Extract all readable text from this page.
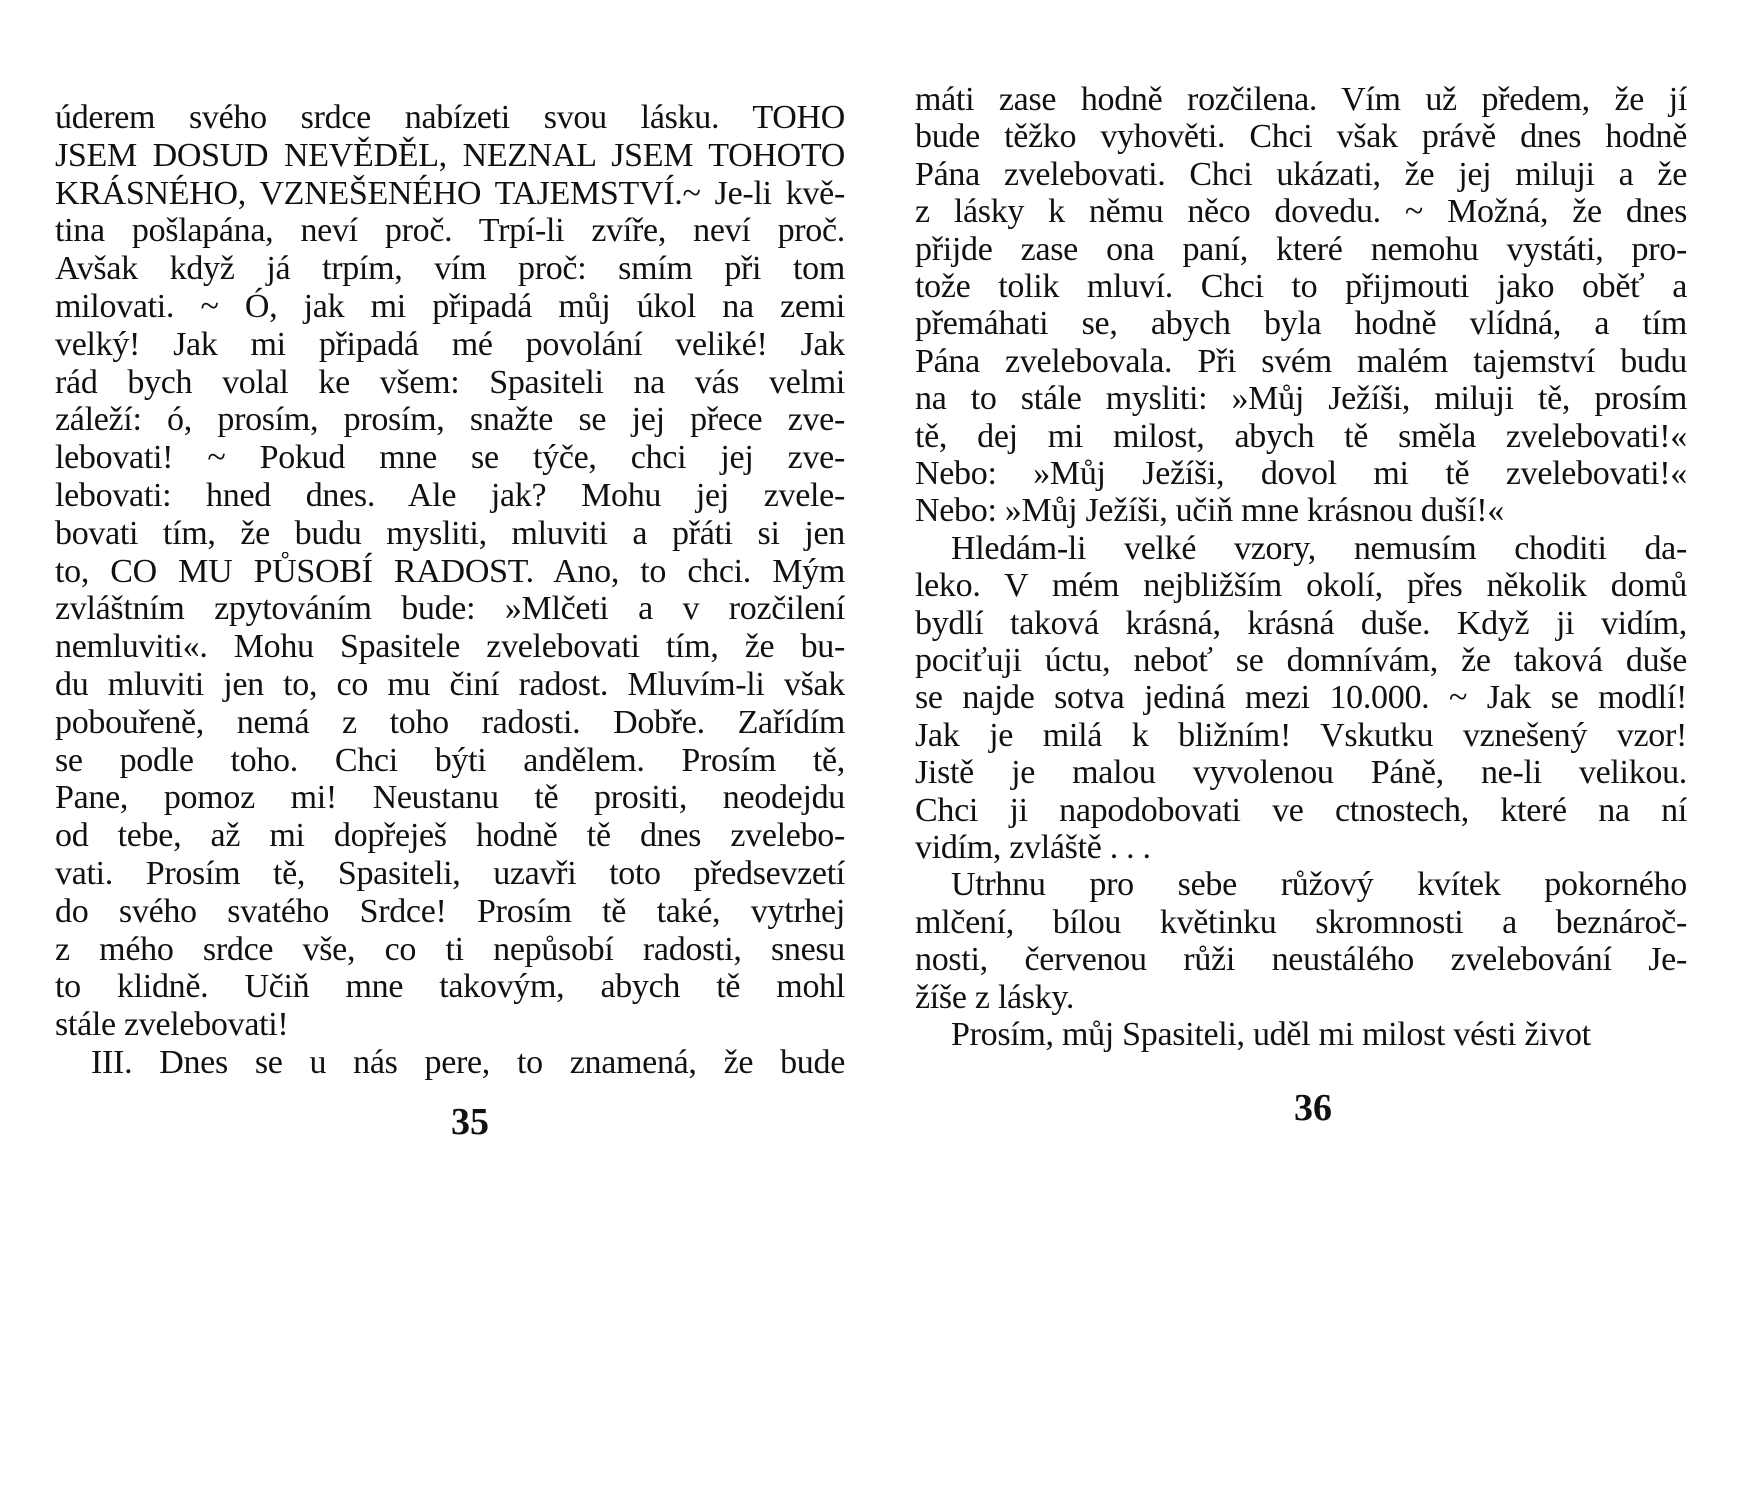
úderem svého srdce nabízeti svou lásku. TOHO
JSEM DOSUD NEVĚDĚL, NEZNAL JSEM TOHOTO
KRÁSNÉHO, VZNEŠENÉHO TAJEMSTVÍ.~ Je-li kvě-
tina pošlapána, neví proč. Trpí-li zvíře, neví proč.
Avšak když já trpím, vím proč: smím při tom
milovati. ~ Ó, jak mi připadá můj úkol na zemi
velký! Jak mi připadá mé povolání veliké! Jak
rád bych volal ke všem: Spasiteli na vás velmi
záleží: ó, prosím, prosím, snažte se jej přece zve-
lebovati! ~ Pokud mne se týče, chci jej zve-
lebovati: hned dnes. Ale jak? Mohu jej zvele-
bovati tím, že budu mysliti, mluviti a přáti si jen
to, CO MU PŮSOBÍ RADOST. Ano, to chci. Mým
zvláštním zpytováním bude: »Mlčeti a v rozčilení
nemluviti«. Mohu Spasitele zvelebovati tím, že bu-
du mluviti jen to, co mu činí radost. Mluvím-li však
pobouřeně, nemá z toho radosti. Dobře. Zařídím
se podle toho. Chci býti andělem. Prosím tě,
Pane, pomoz mi! Neustanu tě prositi, neodejdu
od tebe, až mi dopřeješ hodně tě dnes zvelebo-
vati. Prosím tě, Spasiteli, uzavři toto předsevzetí
do svého svatého Srdce! Prosím tě také, vytrhej
z mého srdce vše, co ti nepůsobí radosti, snesu
to klidně. Učiň mne takovým, abych tě mohl
stále zvelebovati!
III. Dnes se u nás pere, to znamená, že bude
35
máti zase hodně rozčilena. Vím už předem, že jí
bude těžko vyhověti. Chci však právě dnes hodně
Pána zvelebovati. Chci ukázati, že jej miluji a že
z lásky k němu něco dovedu. ~ Možná, že dnes
přijde zase ona paní, které nemohu vystáti, pro-
tože tolik mluví. Chci to přijmouti jako oběť a
přemáhati se, abych byla hodně vlídná, a tím
Pána zvelebovala. Při svém malém tajemství budu
na to stále mysliti: »Můj Ježíši, miluji tě, prosím
tě, dej mi milost, abych tě směla zvelebovati!«
Nebo: »Můj Ježíši, dovol mi tě zvelebovati!«
Nebo: »Můj Ježíši, učiň mne krásnou duší!«
Hledám-li velké vzory, nemusím choditi da-
leko. V mém nejbližším okolí, přes několik domů
bydlí taková krásná, krásná duše. Když ji vidím,
pociťuji úctu, neboť se domnívám, že taková duše
se najde sotva jediná mezi 10.000. ~ Jak se modlí!
Jak je milá k bližním! Vskutku vznešený vzor!
Jistě je malou vyvolenou Páně, ne-li velikou.
Chci ji napodobovati ve ctnostech, které na ní
vidím, zvláště . . .
Utrhnu pro sebe růžový kvítek pokorného
mlčení, bílou květinku skromnosti a beznároč-
nosti, červenou růži neustálého zvelebování Je-
žíše z lásky.
Prosím, můj Spasiteli, uděl mi milost vésti život
36
